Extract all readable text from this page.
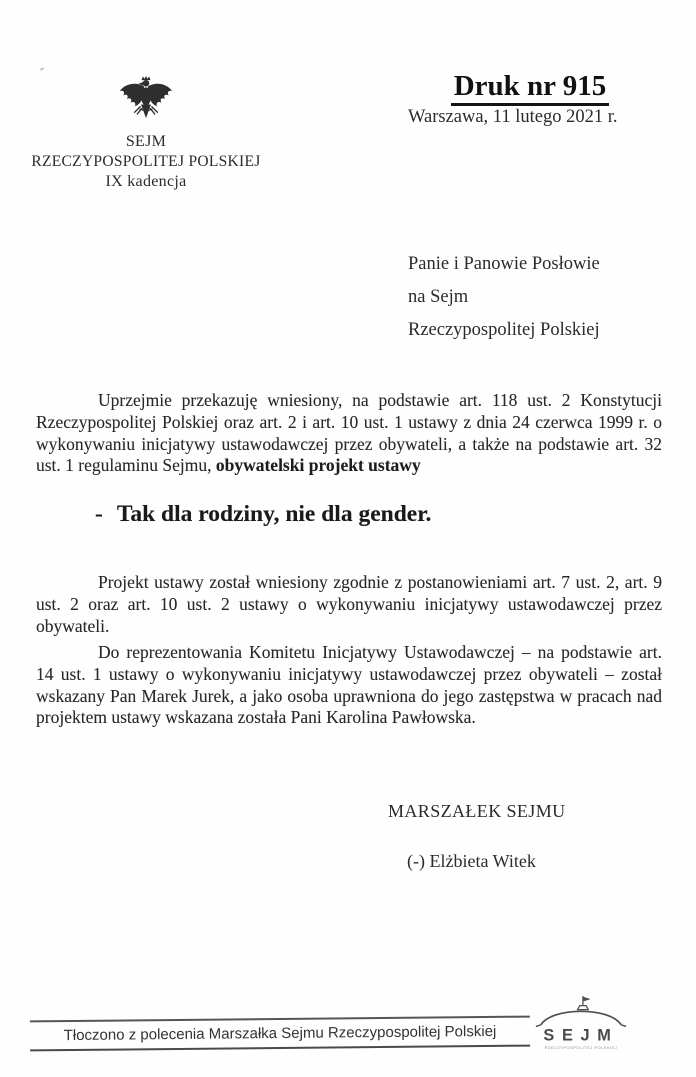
SEJM
RZECZYPOSPOLITEJ POLSKIEJ
IX kadencja
Druk nr 915
Warszawa, 11 lutego 2021 r.
Panie i Panowie Posłowie
na Sejm
Rzeczypospolitej Polskiej

Uprzejmie przekazuję wniesiony, na podstawie art. 118 ust. 2 Konstytucji Rzeczypospolitej Polskiej oraz art. 2 i art. 10 ust. 1 ustawy z dnia 24 czerwca 1999 r. o wykonywaniu inicjatywy ustawodawczej przez obywateli, a także na podstawie art. 32 ust. 1 regulaminu Sejmu, obywatelski projekt ustawy

- Tak dla rodziny, nie dla gender.

Projekt ustawy został wniesiony zgodnie z postanowieniami art. 7 ust. 2, art. 9 ust. 2 oraz art. 10 ust. 2 ustawy o wykonywaniu inicjatywy ustawodawczej przez obywateli.

Do reprezentowania Komitetu Inicjatywy Ustawodawczej – na podstawie art. 14 ust. 1 ustawy o wykonywaniu inicjatywy ustawodawczej przez obywateli – został wskazany Pan Marek Jurek, a jako osoba uprawniona do jego zastępstwa w pracach nad projektem ustawy wskazana została Pani Karolina Pawłowska.

MARSZAŁEK SEJMU
(-) Elżbieta Witek
Tłoczono z polecenia Marszałka Sejmu Rzeczypospolitej Polskiej	SEJM
RZECZYPOSPOLITEJ POLSKIEJ
